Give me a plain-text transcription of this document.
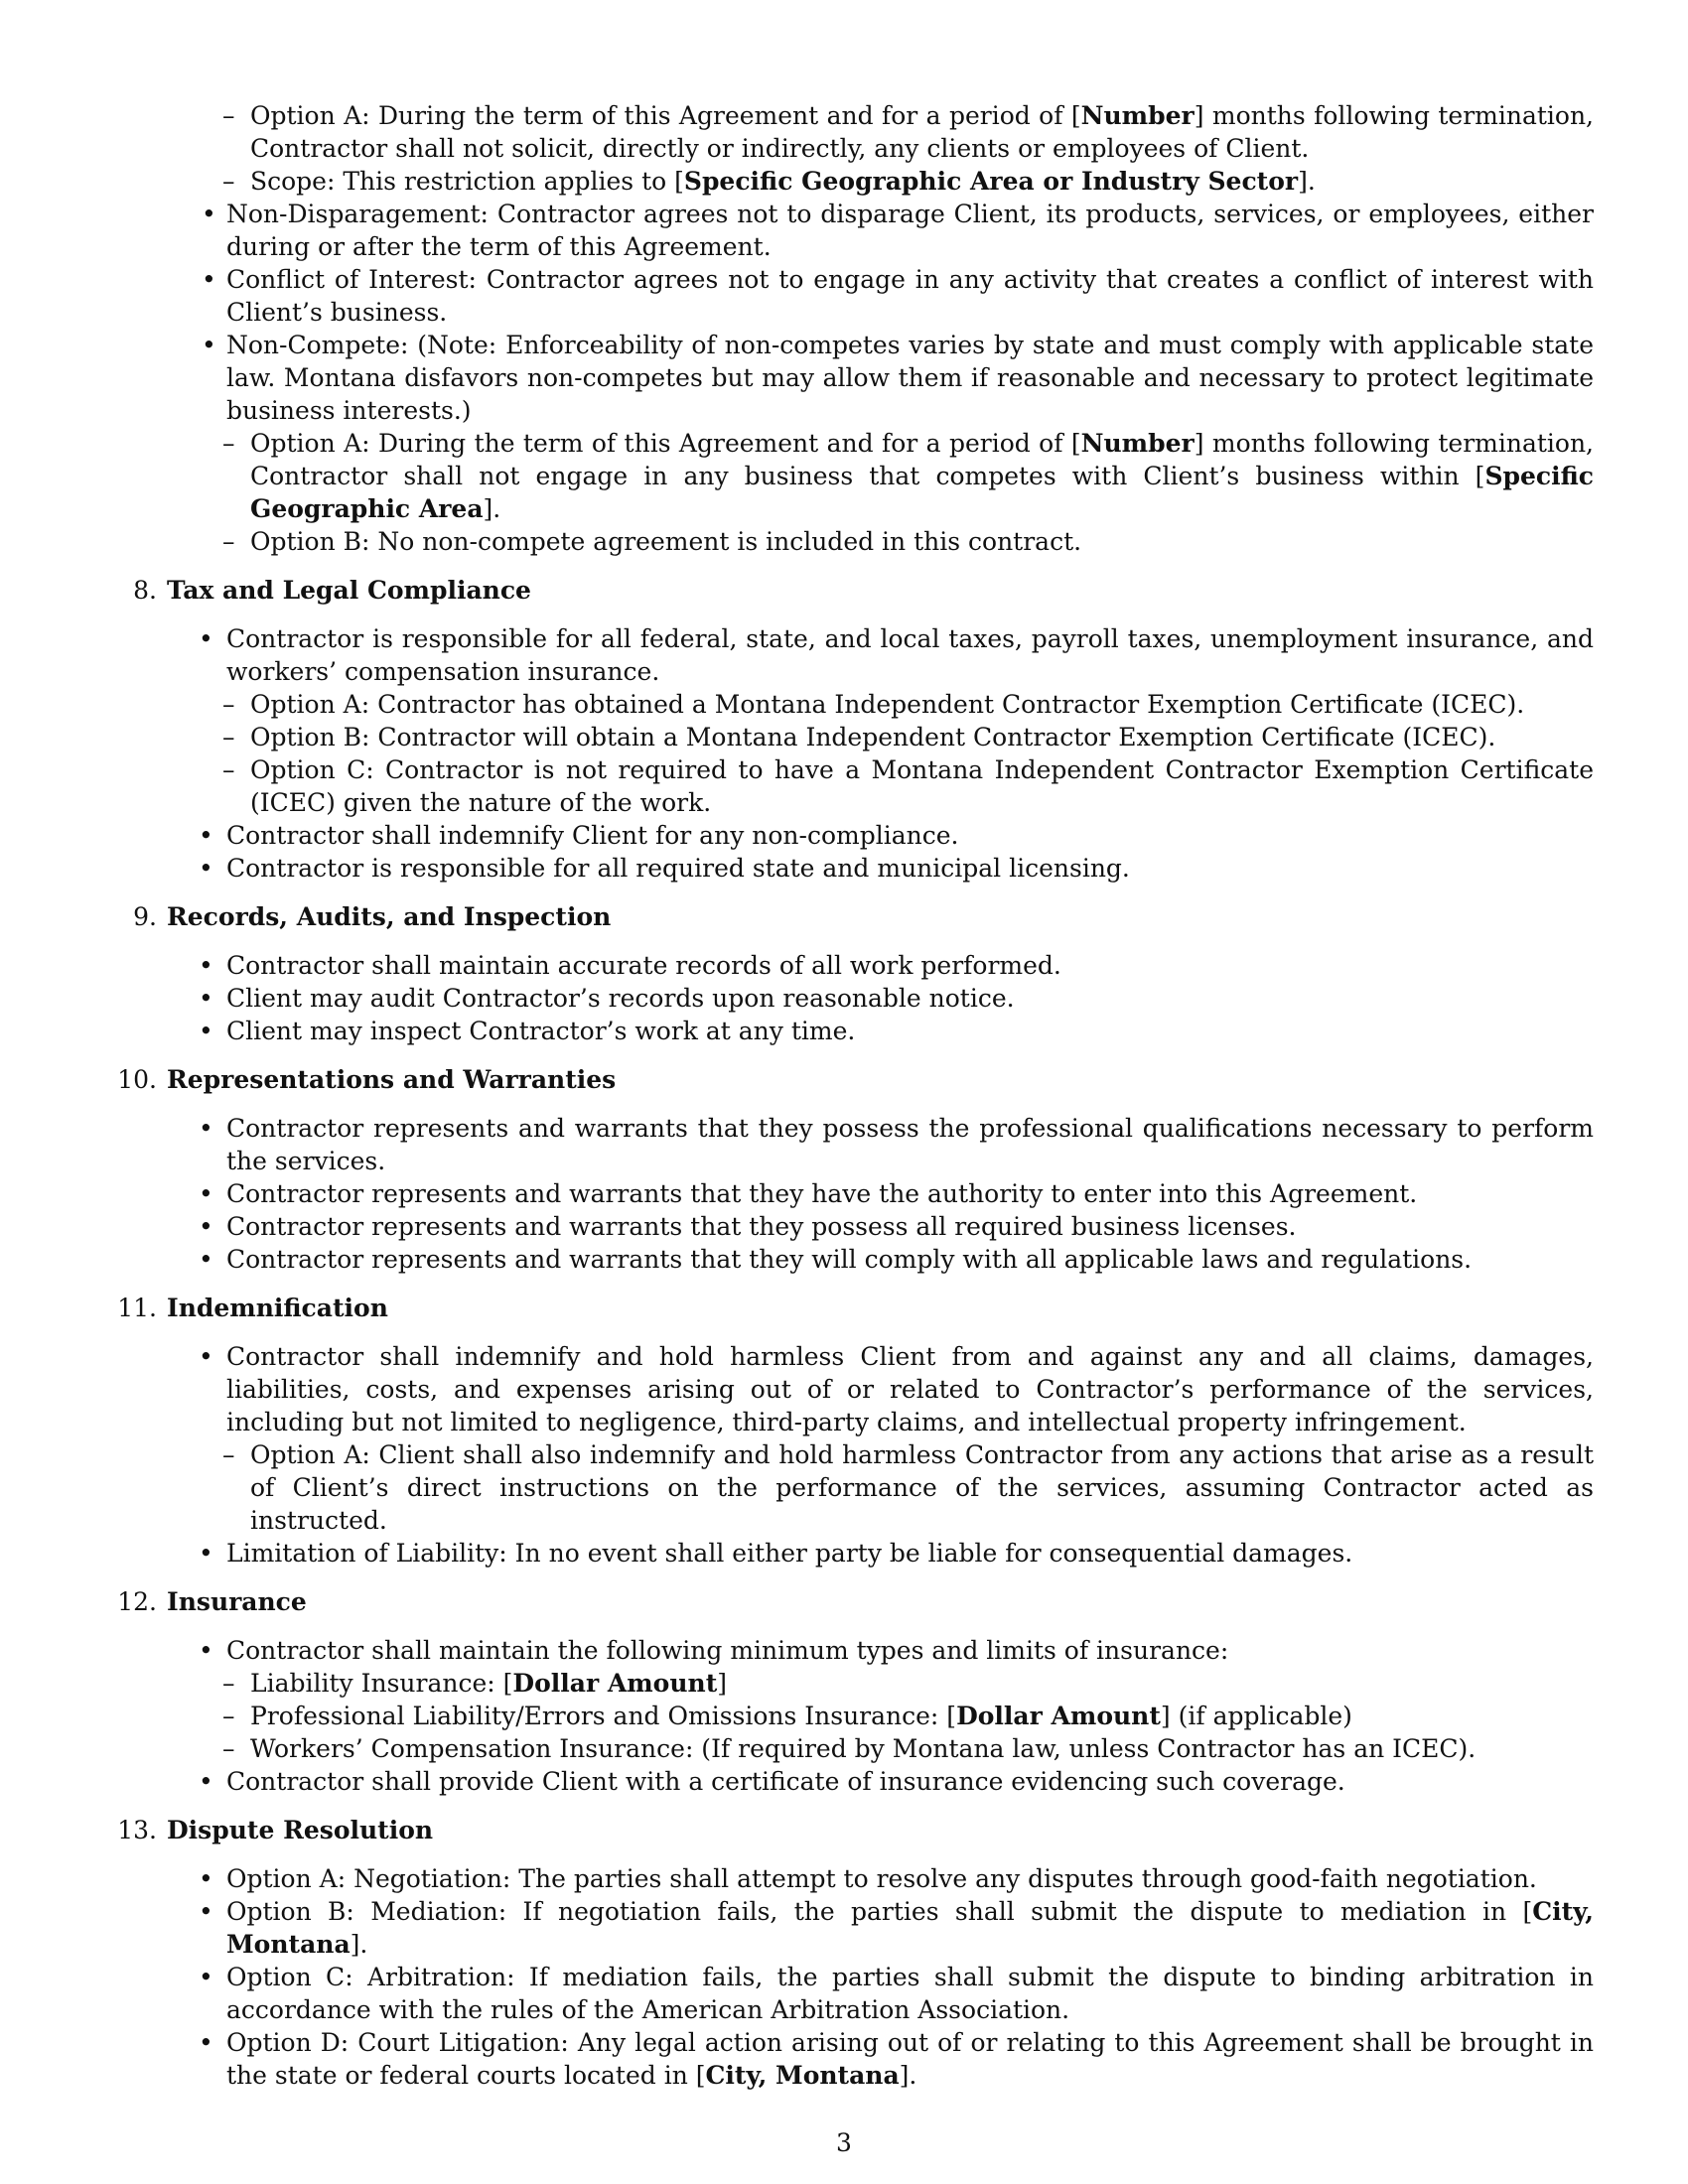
– Option A: During the term of this Agreement and for a period of [Number] months following termination, Contractor shall not solicit, directly or indirectly, any clients or employees of Client.
– Scope: This restriction applies to [Specific Geographic Area or Industry Sector].
• Non-Disparagement: Contractor agrees not to disparage Client, its products, services, or employees, either during or after the term of this Agreement.
• Conflict of Interest: Contractor agrees not to engage in any activity that creates a conflict of interest with Client’s business.
• Non-Compete: (Note: Enforceability of non-competes varies by state and must comply with applicable state law. Montana disfavors non-competes but may allow them if reasonable and necessary to protect legitimate business interests.)
– Option A: During the term of this Agreement and for a period of [Number] months following termination, Contractor shall not engage in any business that competes with Client’s business within [Specific Geographic Area].
– Option B: No non-compete agreement is included in this contract.
8. Tax and Legal Compliance
• Contractor is responsible for all federal, state, and local taxes, payroll taxes, unemployment insurance, and workers’ compensation insurance.
– Option A: Contractor has obtained a Montana Independent Contractor Exemption Certificate (ICEC).
– Option B: Contractor will obtain a Montana Independent Contractor Exemption Certificate (ICEC).
– Option C: Contractor is not required to have a Montana Independent Contractor Exemption Certificate (ICEC) given the nature of the work.
• Contractor shall indemnify Client for any non-compliance.
• Contractor is responsible for all required state and municipal licensing.
9. Records, Audits, and Inspection
• Contractor shall maintain accurate records of all work performed.
• Client may audit Contractor’s records upon reasonable notice.
• Client may inspect Contractor’s work at any time.
10. Representations and Warranties
• Contractor represents and warrants that they possess the professional qualifications necessary to perform the services.
• Contractor represents and warrants that they have the authority to enter into this Agreement.
• Contractor represents and warrants that they possess all required business licenses.
• Contractor represents and warrants that they will comply with all applicable laws and regulations.
11. Indemnification
• Contractor shall indemnify and hold harmless Client from and against any and all claims, damages, liabilities, costs, and expenses arising out of or related to Contractor’s performance of the services, including but not limited to negligence, third-party claims, and intellectual property infringement.
– Option A: Client shall also indemnify and hold harmless Contractor from any actions that arise as a result of Client’s direct instructions on the performance of the services, assuming Contractor acted as instructed.
• Limitation of Liability: In no event shall either party be liable for consequential damages.
12. Insurance
• Contractor shall maintain the following minimum types and limits of insurance:
– Liability Insurance: [Dollar Amount]
– Professional Liability/Errors and Omissions Insurance: [Dollar Amount] (if applicable)
– Workers’ Compensation Insurance: (If required by Montana law, unless Contractor has an ICEC).
• Contractor shall provide Client with a certificate of insurance evidencing such coverage.
13. Dispute Resolution
• Option A: Negotiation: The parties shall attempt to resolve any disputes through good-faith negotiation.
• Option B: Mediation: If negotiation fails, the parties shall submit the dispute to mediation in [City, Montana].
• Option C: Arbitration: If mediation fails, the parties shall submit the dispute to binding arbitration in accordance with the rules of the American Arbitration Association.
• Option D: Court Litigation: Any legal action arising out of or relating to this Agreement shall be brought in the state or federal courts located in [City, Montana].
3
